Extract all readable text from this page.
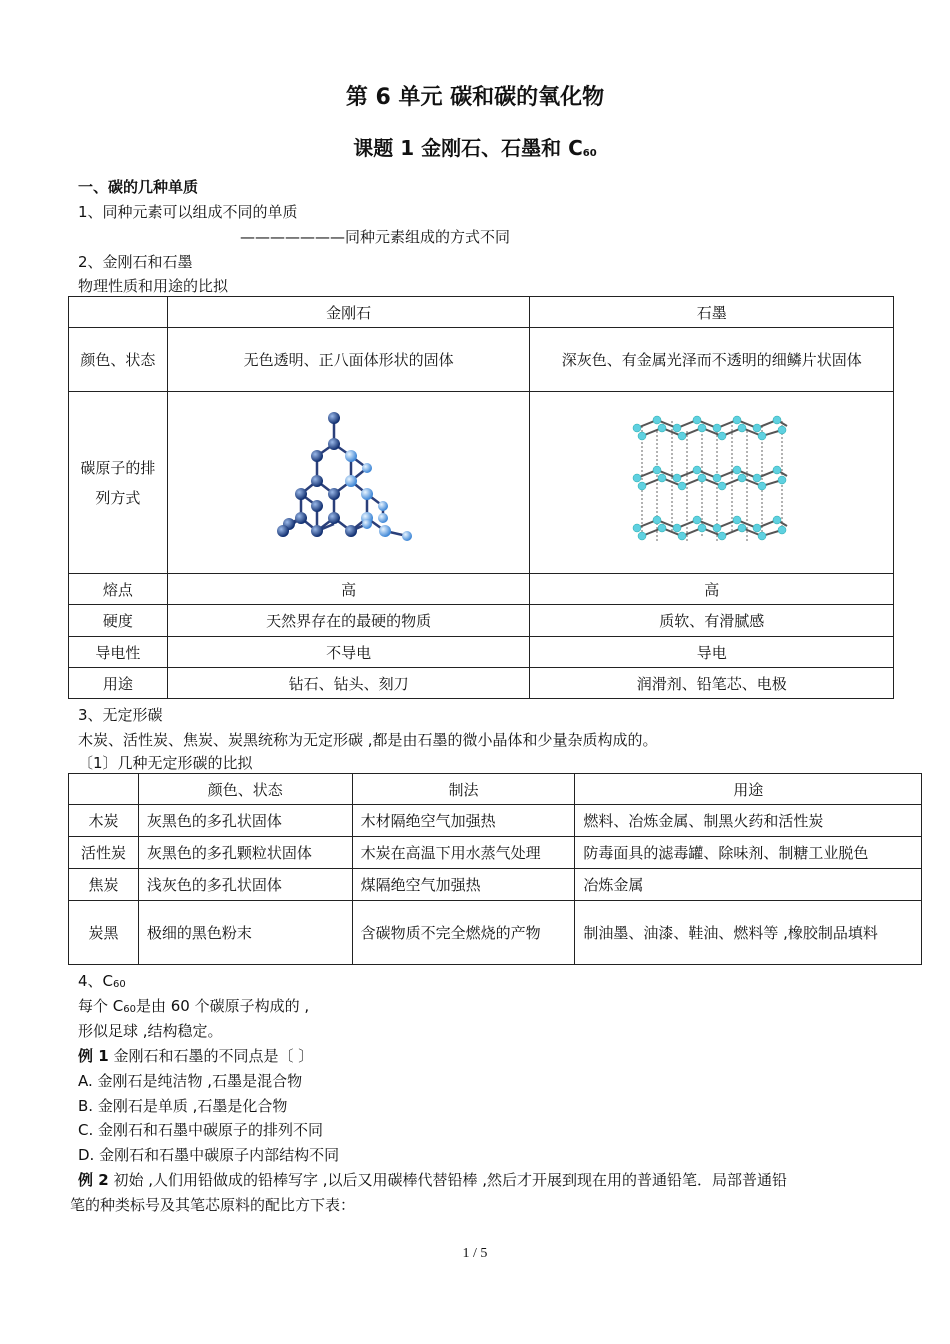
第 6 单元 碳和碳的氧化物
课题 1 金刚石、石墨和 C60
一、碳的几种单质
1、同种元素可以组成不同的单质
———————同种元素组成的方式不同
2、金刚石和石墨
物理性质和用途的比拟
	金刚石	石墨
颜色、状态	无色透明、正八面体形状的固体	深灰色、有金属光泽而不透明的细鳞片状固体
碳原子的排列方式		
熔点	高	高
硬度	天然界存在的最硬的物质	质软、有滑腻感
导电性	不导电	导电
用途	钻石、钻头、刻刀	润滑剂、铅笔芯、电极
3、无定形碳
木炭、活性炭、焦炭、炭黑统称为无定形碳 ,都是由石墨的微小晶体和少量杂质构成的。
〔1〕几种无定形碳的比拟
	颜色、状态	制法	用途
木炭	灰黑色的多孔状固体	木材隔绝空气加强热	燃料、冶炼金属、制黑火药和活性炭
活性炭	灰黑色的多孔颗粒状固体	木炭在高温下用水蒸气处理	防毒面具的滤毒罐、除味剂、制糖工业脱色
焦炭	浅灰色的多孔状固体	煤隔绝空气加强热	冶炼金属
炭黑	极细的黑色粉末	含碳物质不完全燃烧的产物	制油墨、油漆、鞋油、燃料等 ,橡胶制品填料
4、C60
每个 C60是由 60 个碳原子构成的 ,
形似足球 ,结构稳定。
例 1 金刚石和石墨的不同点是〔 〕
A. 金刚石是纯洁物 ,石墨是混合物
B. 金刚石是单质 ,石墨是化合物
C. 金刚石和石墨中碳原子的排列不同
D. 金刚石和石墨中碳原子内部结构不同
例 2 初始 ,人们用铅做成的铅棒写字 ,以后又用碳棒代替铅棒 ,然后才开展到现在用的普通铅笔．局部普通铅
笔的种类标号及其笔芯原料的配比方下表：
1 / 5
